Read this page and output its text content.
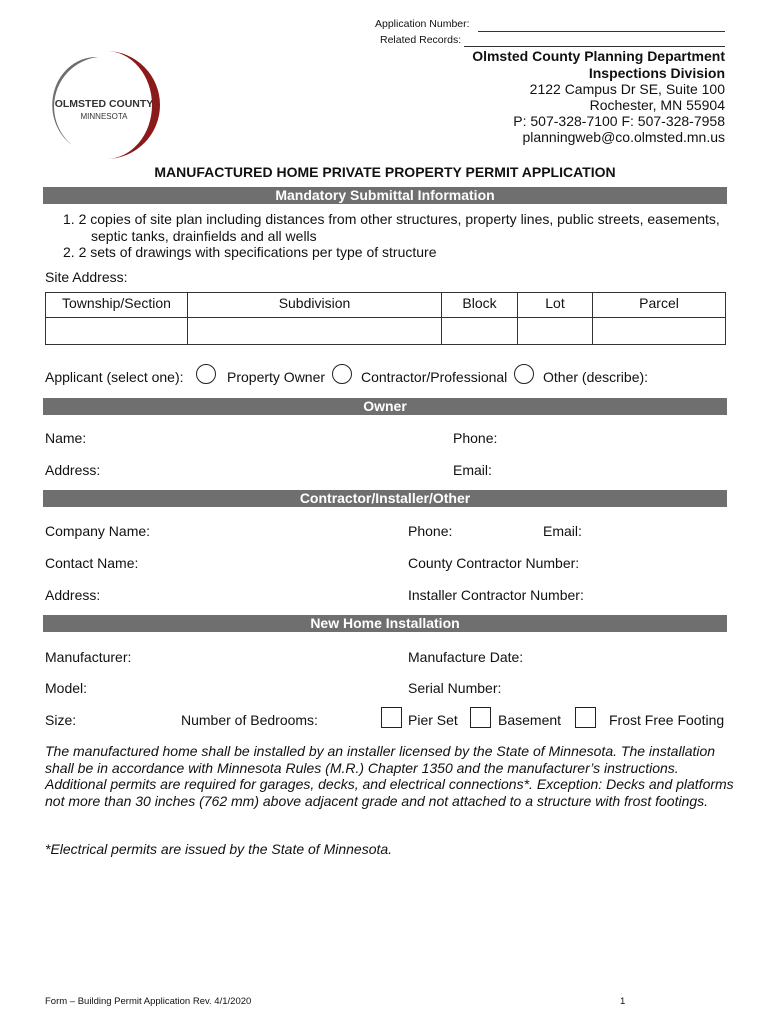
Application Number:
Related Records:
OLMSTED COUNTY
MINNESOTA
Olmsted County Planning Department
Inspections Division
2122 Campus Dr SE, Suite 100
Rochester, MN 55904
P: 507-328-7100 F: 507-328-7958
planningweb@co.olmsted.mn.us
MANUFACTURED HOME PRIVATE PROPERTY PERMIT APPLICATION
Mandatory Submittal Information
1. 2 copies of site plan including distances from other structures, property lines, public streets, easements,
septic tanks, drainfields and all wells
2. 2 sets of drawings with specifications per type of structure
Site Address:
Township/Section	Subdivision	Block	Lot	Parcel

Applicant (select one):	Property Owner	Contractor/Professional	Other (describe):
Owner
Name:	Phone:
Address:	Email:
Contractor/Installer/Other
Company Name:	Phone:	Email:
Contact Name:	County Contractor Number:
Address:	Installer Contractor Number:
New Home Installation
Manufacturer:	Manufacture Date:
Model:	Serial Number:
Size:	Number of Bedrooms:	Pier Set	Basement	Frost Free Footing
The manufactured home shall be installed by an installer licensed by the State of Minnesota. The installation shall be in accordance with Minnesota Rules (M.R.) Chapter 1350 and the manufacturer’s instructions. Additional permits are required for garages, decks, and electrical connections*. Exception: Decks and platforms not more than 30 inches (762 mm) above adjacent grade and not attached to a structure with frost footings.
*Electrical permits are issued by the State of Minnesota.
Form – Building Permit Application Rev. 4/1/2020	1
